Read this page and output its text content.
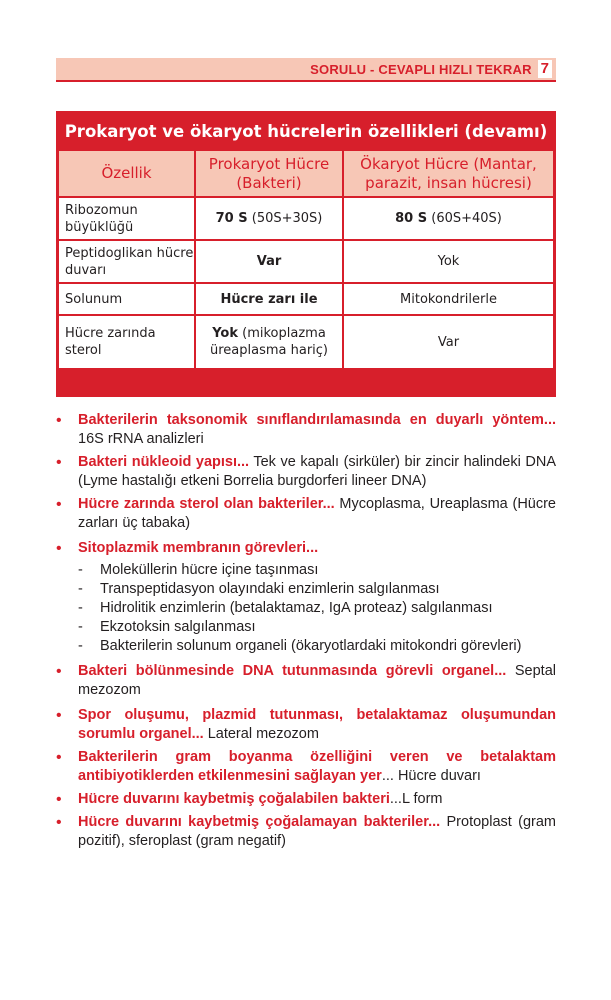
SORULU - CEVAPLI HIZLI TEKRAR 7
Prokaryot ve ökaryot hücrelerin özellikleri (devamı)
Özellik	Prokaryot Hücre (Bakteri)	Ökaryot Hücre (Mantar, parazit, insan hücresi)
Ribozomun büyüklüğü	70 S (50S+30S)	80 S (60S+40S)
Peptidoglikan hücre duvarı	Var	Yok
Solunum	Hücre zarı ile	Mitokondrilerle
Hücre zarında sterol	Yok (mikoplazma üreaplasma hariç)	Var
• Bakterilerin taksonomik sınıflandırılamasında en duyarlı yöntem... 16S rRNA analizleri
• Bakteri nükleoid yapısı... Tek ve kapalı (sirküler) bir zincir halindeki DNA (Lyme hastalığı etkeni Borrelia burgdorferi lineer DNA)
• Hücre zarında sterol olan bakteriler... Mycoplasma, Ureaplasma (Hücre zarları üç tabaka)
• Sitoplazmik membranın görevleri...
- Moleküllerin hücre içine taşınması
- Transpeptidasyon olayındaki enzimlerin salgılanması
- Hidrolitik enzimlerin (betalaktamaz, IgA proteaz) salgılanması
- Ekzotoksin salgılanması
- Bakterilerin solunum organeli (ökaryotlardaki mitokondri görevleri)
• Bakteri bölünmesinde DNA tutunmasında görevli organel... Septal mezozom
• Spor oluşumu, plazmid tutunması, betalaktamaz oluşumundan sorumlu organel... Lateral mezozom
• Bakterilerin gram boyanma özelliğini veren ve betalaktam antibiyotiklerden etkilenmesini sağlayan yer... Hücre duvarı
• Hücre duvarını kaybetmiş çoğalabilen bakteri...L form
• Hücre duvarını kaybetmiş çoğalamayan bakteriler... Protoplast (gram pozitif), sferoplast (gram negatif)
